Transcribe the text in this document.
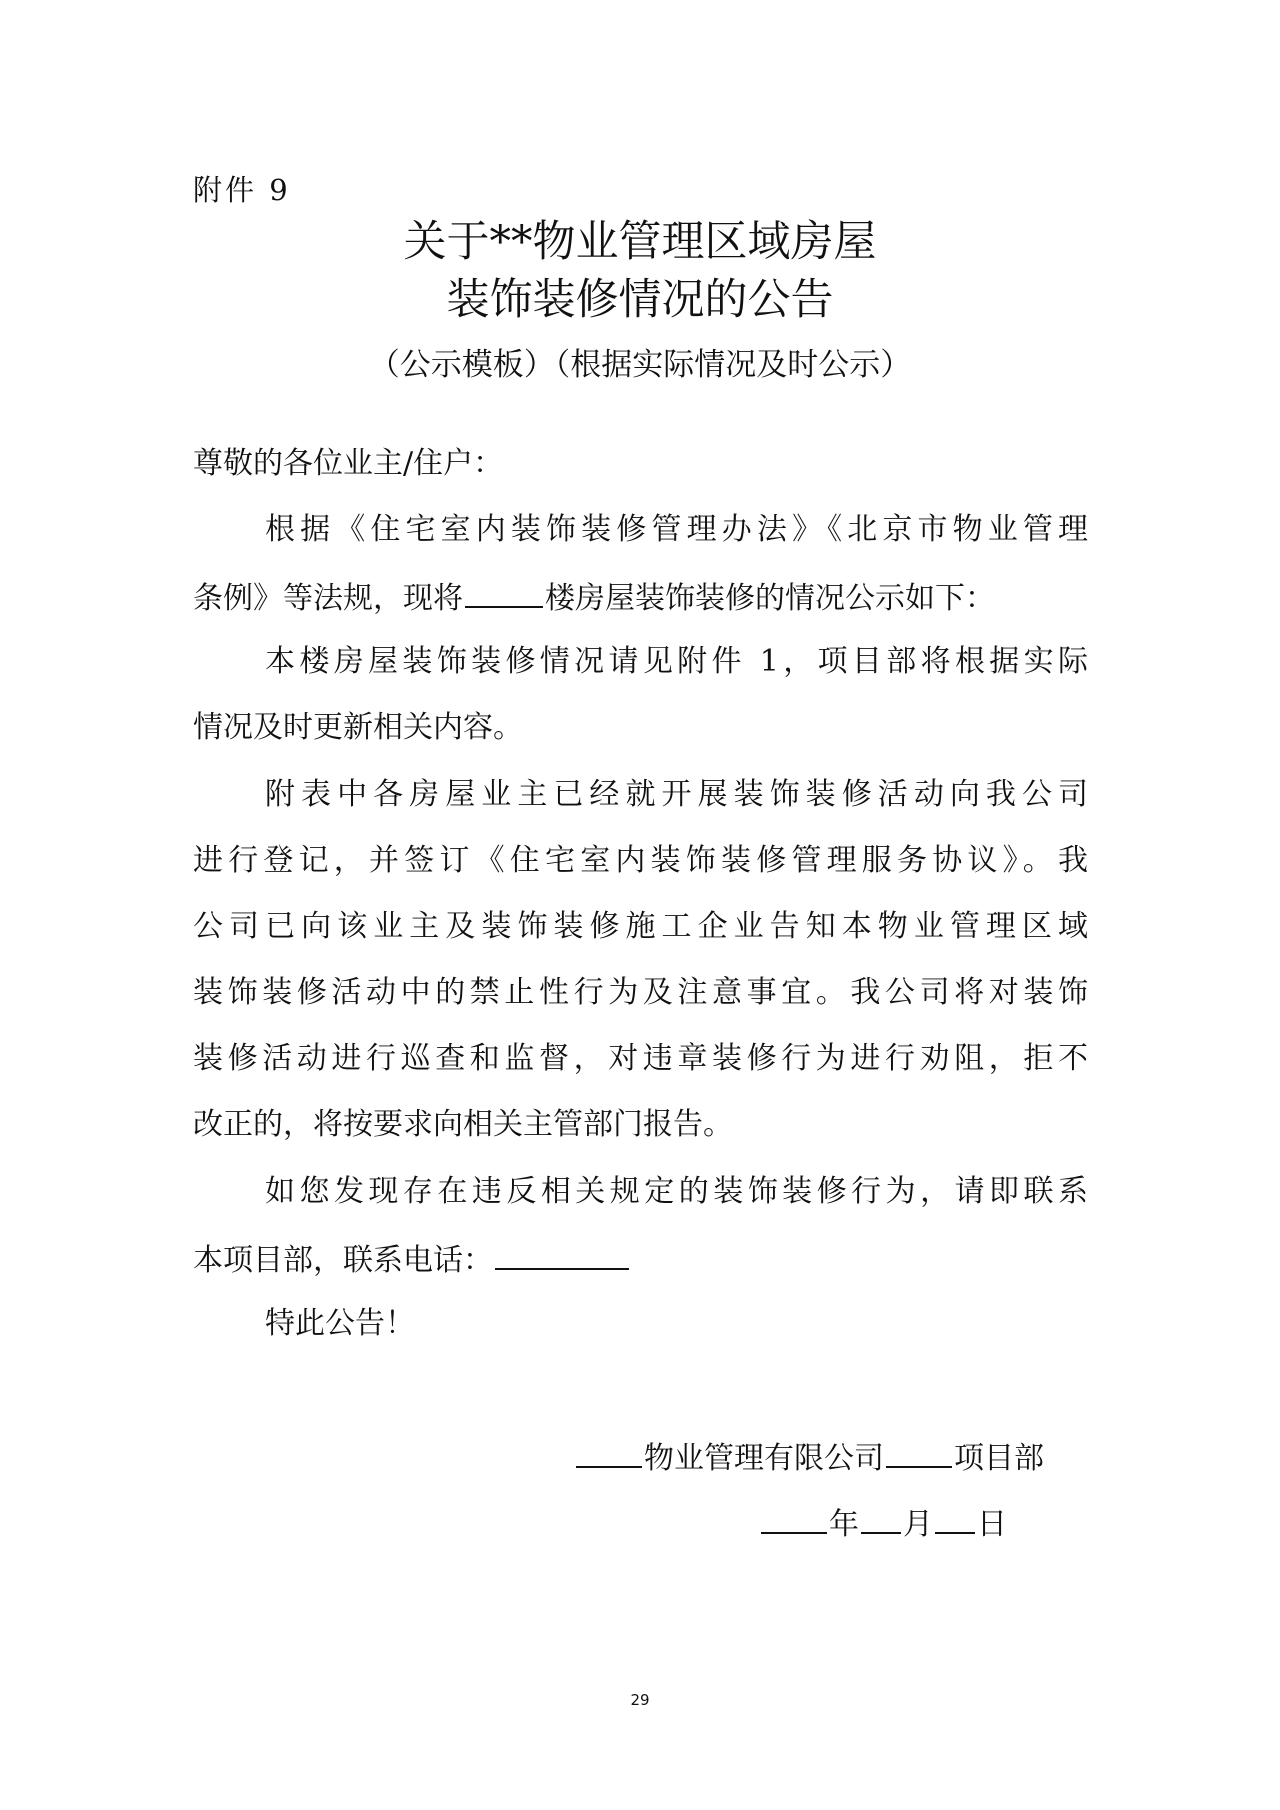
附件 9
关于**物业管理区域房屋
装饰装修情况的公告
（公示模板）（根据实际情况及时公示）
尊敬的各位业主/住户：
根据《住宅室内装饰装修管理办法》《北京市物业管理
条例》等法规，现将	楼房屋装饰装修的情况公示如下：
本楼房屋装饰装修情况请见附件 1，项目部将根据实际
情况及时更新相关内容。
附表中各房屋业主已经就开展装饰装修活动向我公司
进行登记，并签订《住宅室内装饰装修管理服务协议》。我
公司已向该业主及装饰装修施工企业告知本物业管理区域
装饰装修活动中的禁止性行为及注意事宜。我公司将对装饰
装修活动进行巡查和监督，对违章装修行为进行劝阻，拒不
改正的，将按要求向相关主管部门报告。
如您发现存在违反相关规定的装饰装修行为，请即联系
本项目部，联系电话：
特此公告！
物业管理有限公司 项目部
年 月 日
29
